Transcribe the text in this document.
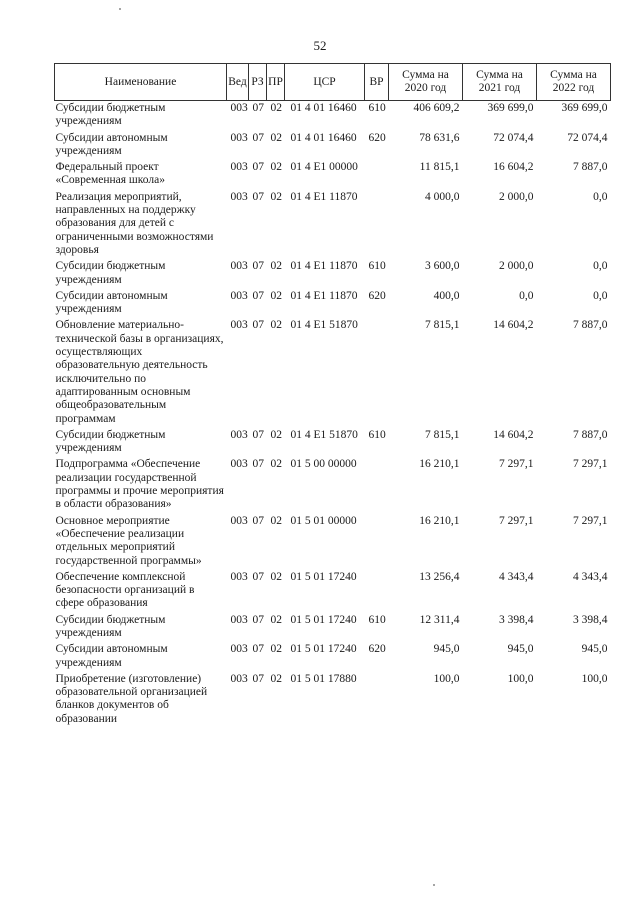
52
Наименование	Вед	РЗ	ПР	ЦСР	ВР	Сумма на 2020 год	Сумма на 2021 год	Сумма на 2022 год
Субсидии бюджетным учреждениям	003	07	02	01 4 01 16460	610	406 609,2	369 699,0	369 699,0
Субсидии автономным учреждениям	003	07	02	01 4 01 16460	620	78 631,6	72 074,4	72 074,4
Федеральный проект «Современная школа»	003	07	02	01 4 E1 00000		11 815,1	16 604,2	7 887,0
Реализация мероприятий, направленных на поддержку образования для детей с ограниченными возможностями здоровья	003	07	02	01 4 E1 11870		4 000,0	2 000,0	0,0
Субсидии бюджетным учреждениям	003	07	02	01 4 E1 11870	610	3 600,0	2 000,0	0,0
Субсидии автономным учреждениям	003	07	02	01 4 E1 11870	620	400,0	0,0	0,0
Обновление материально-технической базы в организациях, осуществляющих образовательную деятельность исключительно по адаптированным основным общеобразовательным программам	003	07	02	01 4 E1 51870		7 815,1	14 604,2	7 887,0
Субсидии бюджетным учреждениям	003	07	02	01 4 E1 51870	610	7 815,1	14 604,2	7 887,0
Подпрограмма «Обеспечение реализации государственной программы и прочие мероприятия в области образования»	003	07	02	01 5 00 00000		16 210,1	7 297,1	7 297,1
Основное мероприятие «Обеспечение реализации отдельных мероприятий государственной программы»	003	07	02	01 5 01 00000		16 210,1	7 297,1	7 297,1
Обеспечение комплексной безопасности организаций в сфере образования	003	07	02	01 5 01 17240		13 256,4	4 343,4	4 343,4
Субсидии бюджетным учреждениям	003	07	02	01 5 01 17240	610	12 311,4	3 398,4	3 398,4
Субсидии автономным учреждениям	003	07	02	01 5 01 17240	620	945,0	945,0	945,0
Приобретение (изготовление) образовательной организацией бланков документов об образовании	003	07	02	01 5 01 17880		100,0	100,0	100,0
